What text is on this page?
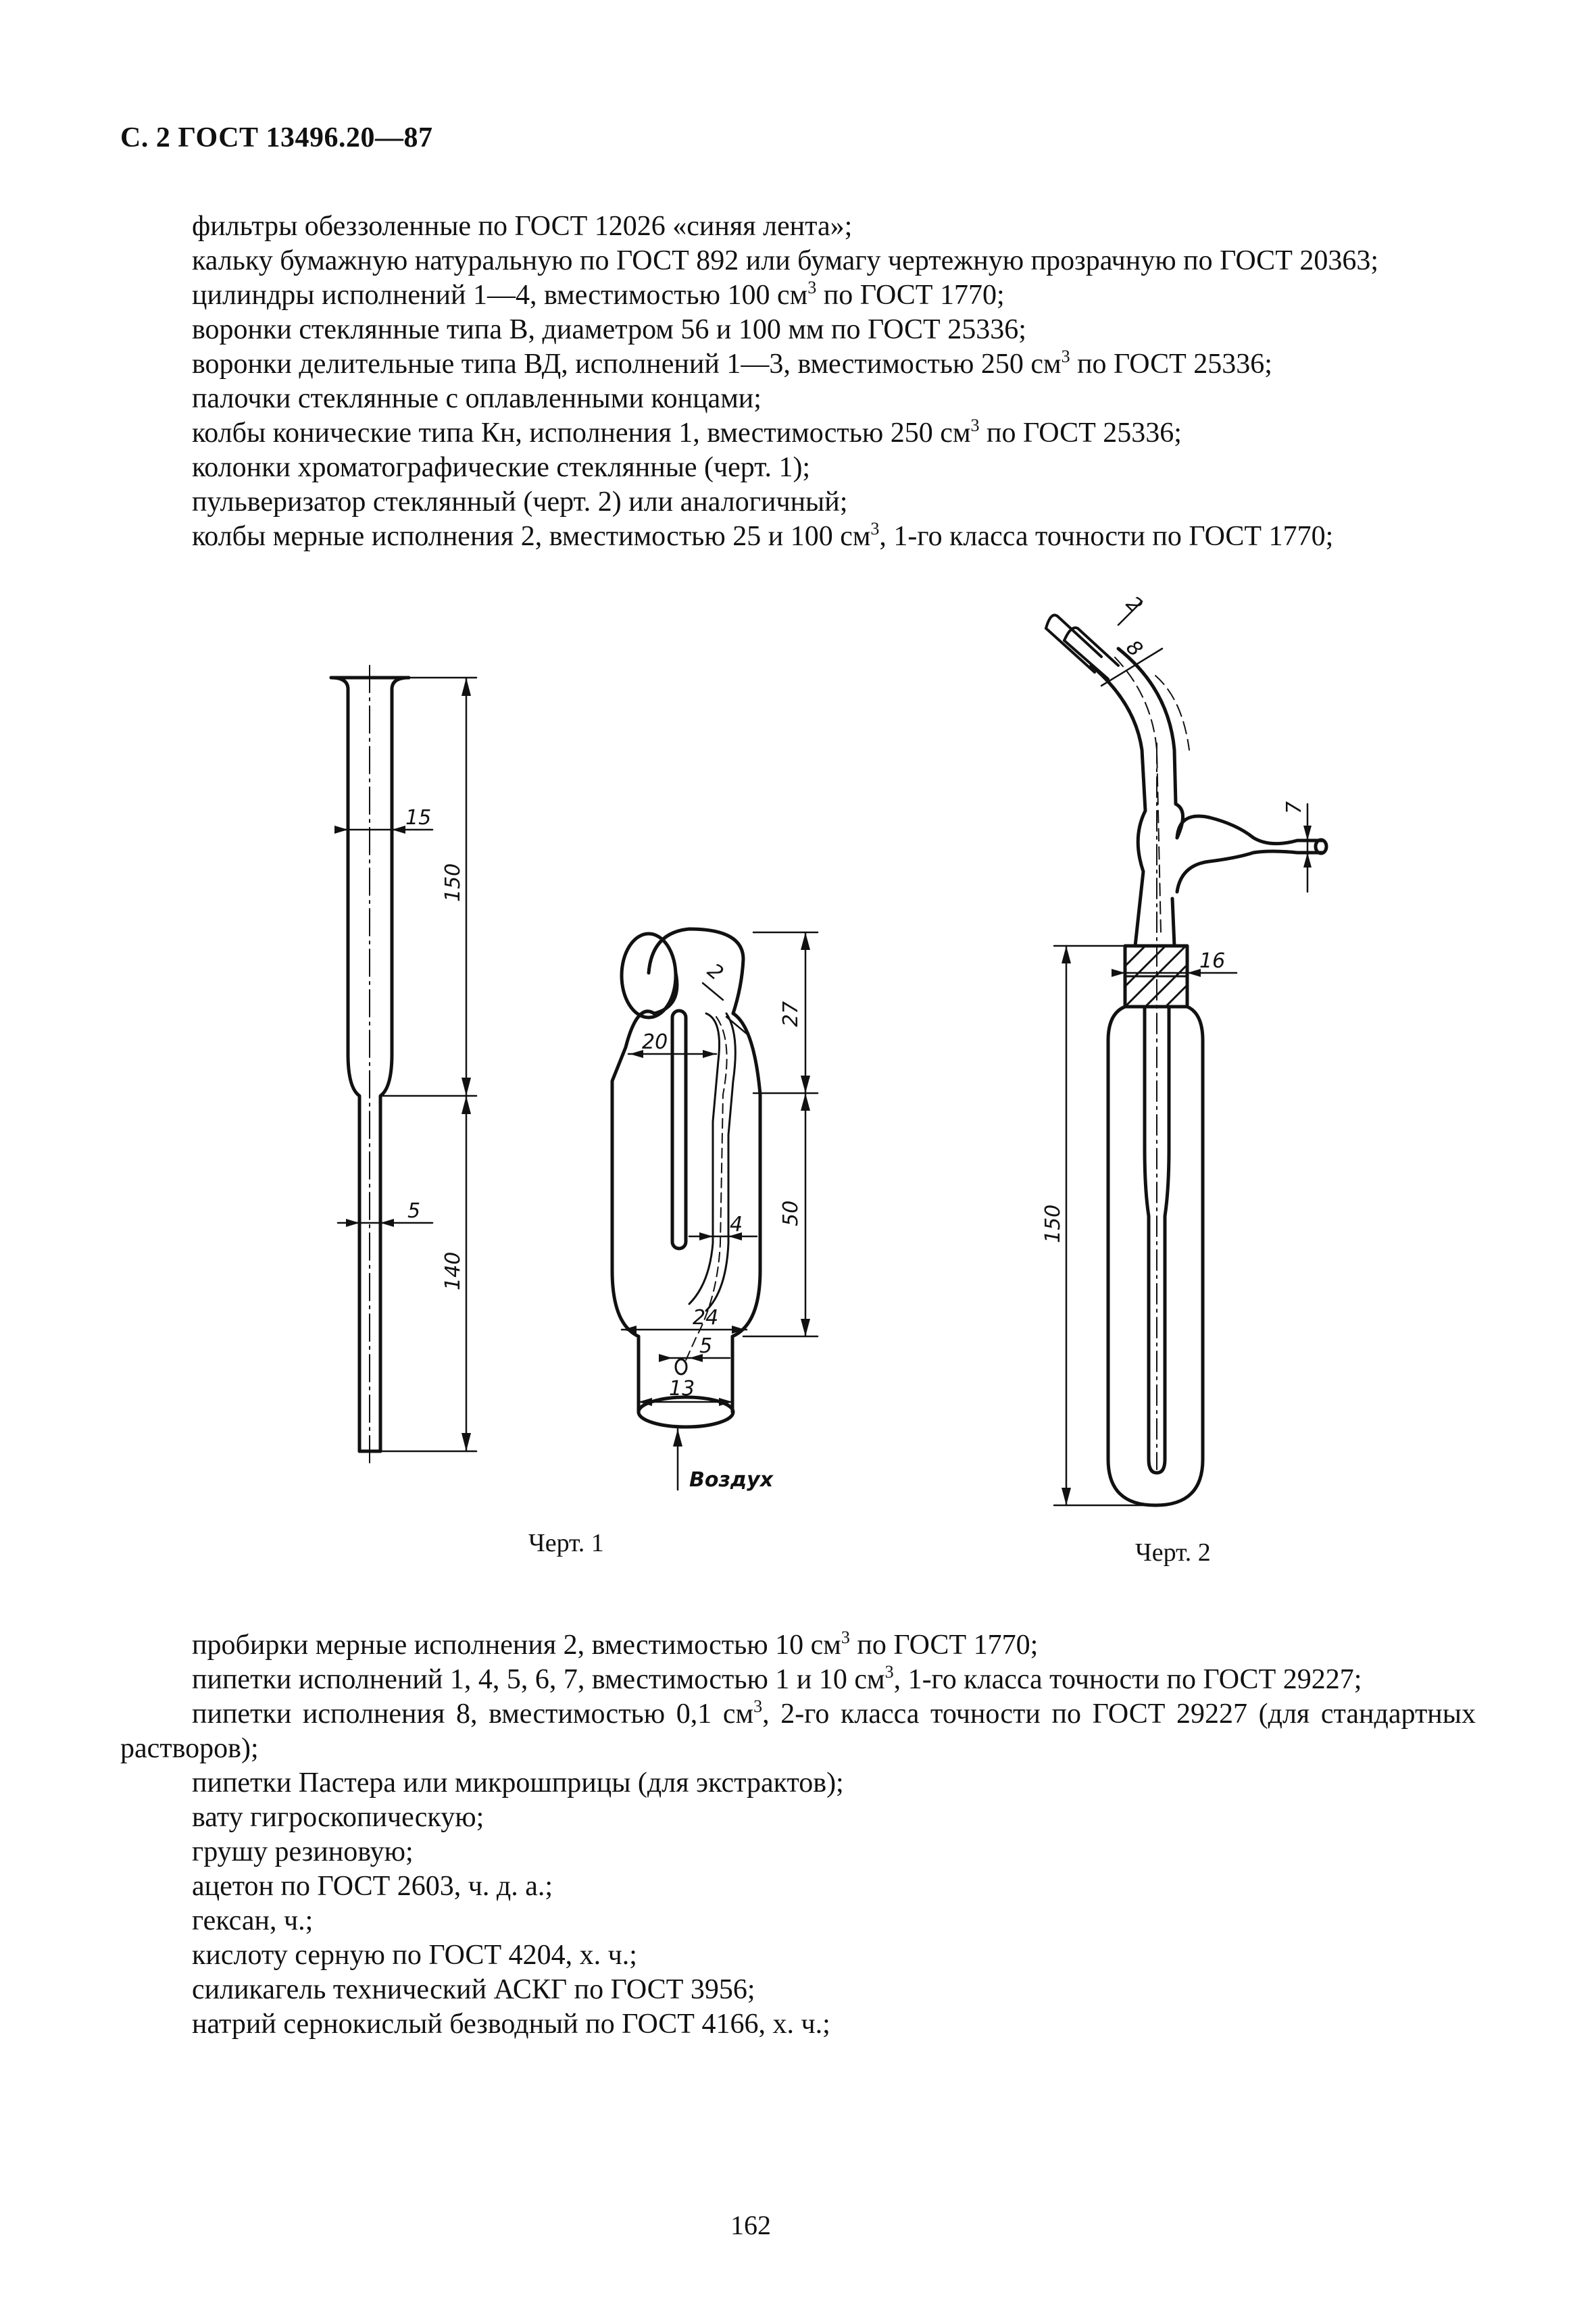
С. 2 ГОСТ 13496.20—87

фильтры обеззоленные по ГОСТ 12026 «синяя лента»;

кальку бумажную натуральную по ГОСТ 892 или бумагу чертежную прозрачную по ГОСТ 20363;

цилиндры исполнений 1—4, вместимостью 100 $см^3$ по ГОСТ 1770;

воронки стеклянные типа В, диаметром 56 и 100 мм по ГОСТ 25336;

воронки делительные типа ВД, исполнений 1—3, вместимостью 250 $см^3$ по ГОСТ 25336;

палочки стеклянные с оплавленными концами;

колбы конические типа Кн, исполнения 1, вместимостью 250 $см^3$ по ГОСТ 25336;

колонки хроматографические стеклянные (черт. 1);

пульверизатор стеклянный (черт. 2) или аналогичный;

колбы мерные исполнения 2, вместимостью 25 и 100 $см^3$, 1-го класса точности по ГОСТ 1770;

15
150
5
140
2
20
27
50
4
24
5
13
Воздух
2
8
7
16
150
Черт. 1	Черт. 2

пробирки мерные исполнения 2, вместимостью 10 $см^3$ по ГОСТ 1770;

пипетки исполнений 1, 4, 5, 6, 7, вместимостью 1 и 10 $см^3$, 1-го класса точности по ГОСТ 29227;

пипетки исполнения 8, вместимостью 0,1 $см^3$, 2-го класса точности по ГОСТ 29227 (для стандартных растворов);

пипетки Пастера или микрошприцы (для экстрактов);

вату гигроскопическую;

грушу резиновую;

ацетон по ГОСТ 2603, ч. д. а.;

гексан, ч.;

кислоту серную по ГОСТ 4204, х. ч.;

силикагель технический АСКГ по ГОСТ 3956;

натрий сернокислый безводный по ГОСТ 4166, х. ч.;

162
